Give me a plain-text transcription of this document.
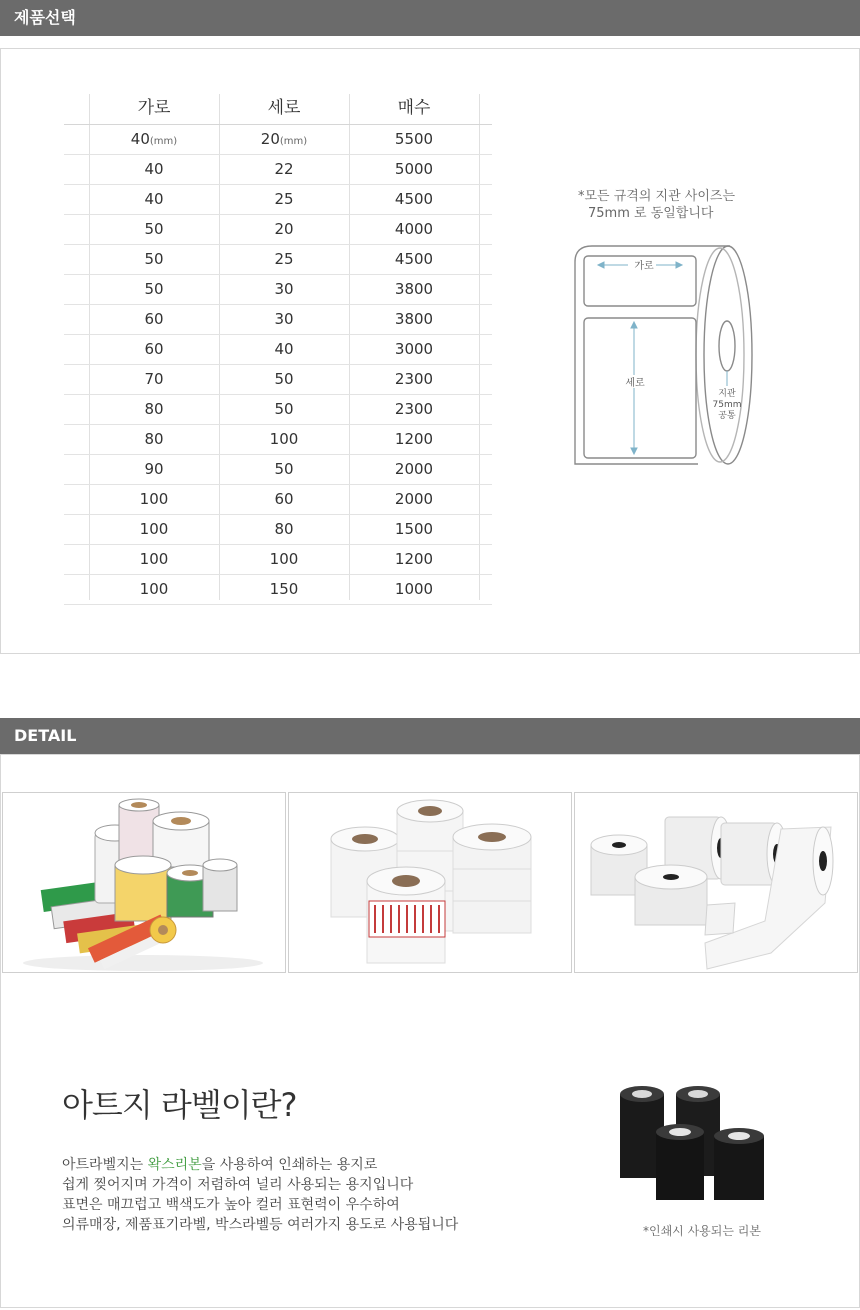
제품선택
가로	세로	매수
40(mm)	20(mm)	5500
40	22	5000
40	25	4500
50	20	4000
50	25	4500
50	30	3800
60	30	3800
60	40	3000
70	50	2300
80	50	2300
80	100	1200
90	50	2000
100	60	2000
100	80	1500
100	100	1200
100	150	1000
*모든 규격의 지관 사이즈는
75mm 로 동일합니다
가로
세로
지관
75mm
공통
DETAIL
아트지 라벨이란?
아트라벨지는 왁스리본을 사용하여 인쇄하는 용지로
쉽게 찢어지며 가격이 저렴하여 널리 사용되는 용지입니다
표면은 매끄럽고 백색도가 높아 컬러 표현력이 우수하여
의류매장, 제품표기라벨, 박스라벨등 여러가지 용도로 사용됩니다	*인쇄시 사용되는 리본
